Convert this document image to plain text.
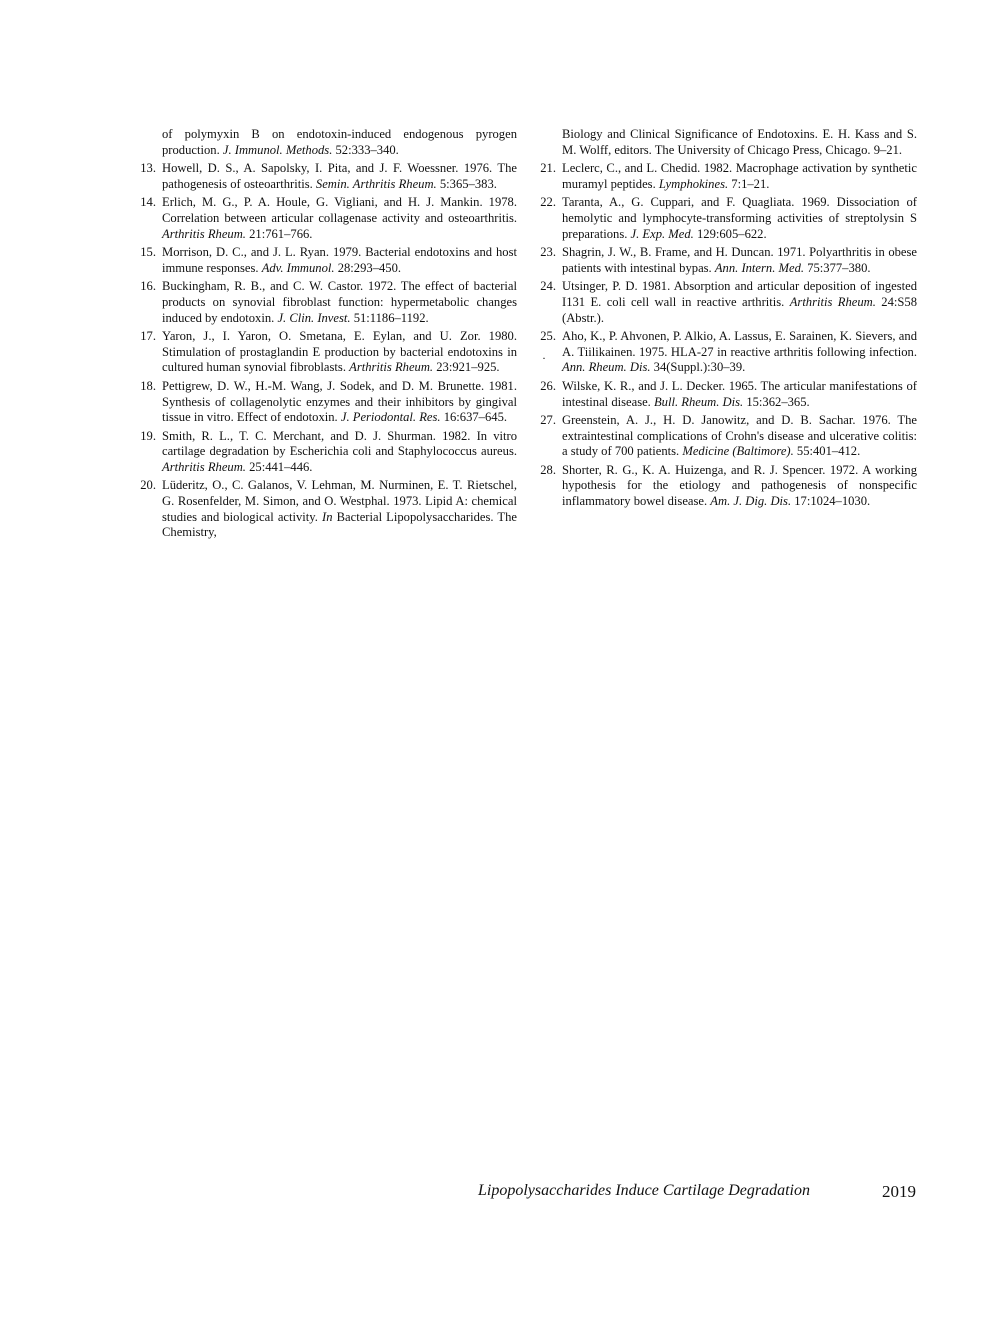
of polymyxin B on endotoxin-induced endogenous pyrogen production. J. Immunol. Methods. 52:333–340.
13. Howell, D. S., A. Sapolsky, I. Pita, and J. F. Woessner. 1976. The pathogenesis of osteoarthritis. Semin. Arthritis Rheum. 5:365–383.
14. Erlich, M. G., P. A. Houle, G. Vigliani, and H. J. Mankin. 1978. Correlation between articular collagenase activity and osteoarthritis. Arthritis Rheum. 21:761–766.
15. Morrison, D. C., and J. L. Ryan. 1979. Bacterial endotoxins and host immune responses. Adv. Immunol. 28:293–450.
16. Buckingham, R. B., and C. W. Castor. 1972. The effect of bacterial products on synovial fibroblast function: hypermetabolic changes induced by endotoxin. J. Clin. Invest. 51:1186–1192.
17. Yaron, J., I. Yaron, O. Smetana, E. Eylan, and U. Zor. 1980. Stimulation of prostaglandin E production by bacterial endotoxins in cultured human synovial fibroblasts. Arthritis Rheum. 23:921–925.
18. Pettigrew, D. W., H.-M. Wang, J. Sodek, and D. M. Brunette. 1981. Synthesis of collagenolytic enzymes and their inhibitors by gingival tissue in vitro. Effect of endotoxin. J. Periodontal. Res. 16:637–645.
19. Smith, R. L., T. C. Merchant, and D. J. Shurman. 1982. In vitro cartilage degradation by Escherichia coli and Staphylococcus aureus. Arthritis Rheum. 25:441–446.
20. Lüderitz, O., C. Galanos, V. Lehman, M. Nurminen, E. T. Rietschel, G. Rosenfelder, M. Simon, and O. Westphal. 1973. Lipid A: chemical studies and biological activity. In Bacterial Lipopolysaccharides. The Chemistry,
Biology and Clinical Significance of Endotoxins. E. H. Kass and S. M. Wolff, editors. The University of Chicago Press, Chicago. 9–21.
21. Leclerc, C., and L. Chedid. 1982. Macrophage activation by synthetic muramyl peptides. Lymphokines. 7:1–21.
22. Taranta, A., G. Cuppari, and F. Quagliata. 1969. Dissociation of hemolytic and lymphocyte-transforming activities of streptolysin S preparations. J. Exp. Med. 129:605–622.
23. Shagrin, J. W., B. Frame, and H. Duncan. 1971. Polyarthritis in obese patients with intestinal bypas. Ann. Intern. Med. 75:377–380.
24. Utsinger, P. D. 1981. Absorption and articular deposition of ingested I131 E. coli cell wall in reactive arthritis. Arthritis Rheum. 24:S58 (Abstr.).
25.
·
Aho, K., P. Ahvonen, P. Alkio, A. Lassus, E. Sarainen, K. Sievers, and A. Tiilikainen. 1975. HLA-27 in reactive arthritis following infection. Ann. Rheum. Dis. 34(Suppl.):30–39.
26. Wilske, K. R., and J. L. Decker. 1965. The articular manifestations of intestinal disease. Bull. Rheum. Dis. 15:362–365.
27. Greenstein, A. J., H. D. Janowitz, and D. B. Sachar. 1976. The extraintestinal complications of Crohn's disease and ulcerative colitis: a study of 700 patients. Medicine (Baltimore). 55:401–412.
28. Shorter, R. G., K. A. Huizenga, and R. J. Spencer. 1972. A working hypothesis for the etiology and pathogenesis of nonspecific inflammatory bowel disease. Am. J. Dig. Dis. 17:1024–1030.
Lipopolysaccharides Induce Cartilage Degradation	2019
